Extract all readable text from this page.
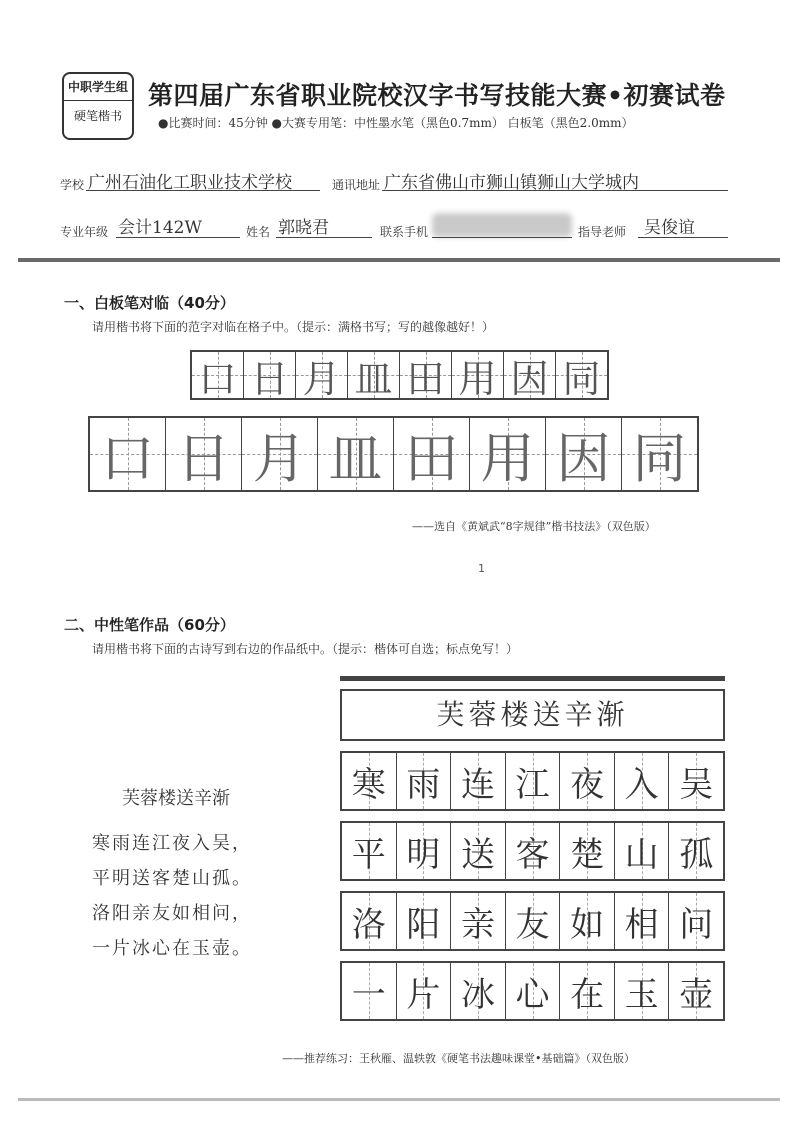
中职学生组
硬笔楷书
第四届广东省职业院校汉字书写技能大赛•初赛试卷
●比赛时间：45分钟 ●大赛专用笔：中性墨水笔（黑色0.7mm） 白板笔（黑色2.0mm）
学校 广州石油化工职业技术学校	通讯地址 广东省佛山市狮山镇狮山大学城内
专业年级 会计142W	姓名 郭晓君	联系手机	指导老师 吴俊谊
一、白板笔对临（40分）
请用楷书将下面的范字对临在格子中。（提示：满格书写；写的越像越好！）
口 日 月 皿 田 用 因 同
口 日 月 皿 田 用 因 同
——选自《黄斌武“8字规律”楷书技法》（双色版）
1
二、中性笔作品（60分）
请用楷书将下面的古诗写到右边的作品纸中。（提示：楷体可自选；标点免写！）
芙蓉楼送辛渐
寒雨连江夜入吴，
平明送客楚山孤。
洛阳亲友如相问，
一片冰心在玉壶。
芙蓉楼送辛渐
寒 雨 连 江 夜 入 吴
平 明 送 客 楚 山 孤
洛 阳 亲 友 如 相 问
一 片 冰 心 在 玉 壶
——推荐练习：王秋雁、温轶敦《硬笔书法趣味课堂•基础篇》（双色版）
